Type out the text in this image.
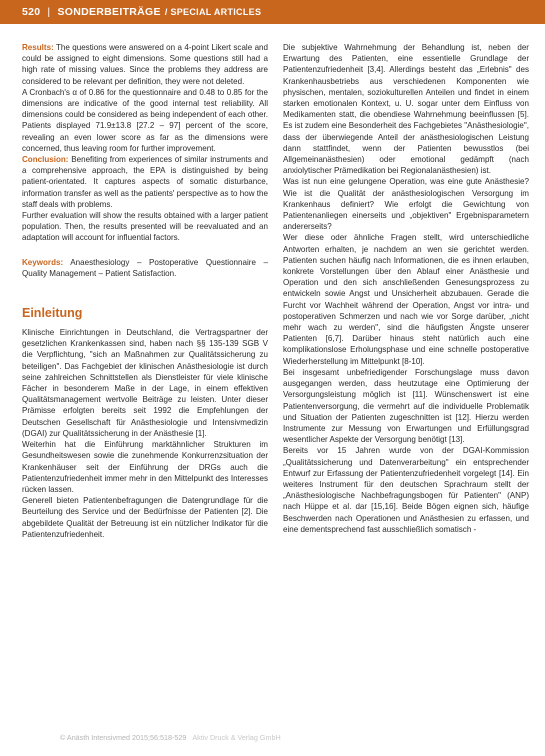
520 | SONDERBEITRÄGE / SPECIAL ARTICLES

Results: The questions were answered on a 4-point Likert scale and could be assigned to eight dimensions. Some questions still had a high rate of missing values. Since the problems they address are considered to be relevant per definition, they were not deleted.

A Cronbach's α of 0.86 for the questionnaire and 0.48 to 0.85 for the dimensions are indicative of the good internal test reliability. All dimensions could be considered as being independent of each other. Patients displayed 71.9±13.8 [27.2 – 97] percent of the score, revealing an even lower score as far as the dimensions were concerned, thus leaving room for further improvement.

Conclusion: Benefiting from experiences of similar instruments and a comprehensive approach, the EPA is distinguished by being patient-orientated. It captures aspects of somatic disturbance, information transfer as well as the patients' perspective as to how the staff deals with problems.

Further evaluation will show the results obtained with a larger patient population. Then, the results presented will be reevaluated and an adaptation will account for influential factors.

Keywords: Anaesthesiology – Postoperative Questionnaire – Quality Management – Patient Satisfaction.

Einleitung

Klinische Einrichtungen in Deutschland, die Vertragspartner der gesetzlichen Krankenkassen sind, haben nach §§ 135-139 SGB V die Verpflichtung, "sich an Maßnahmen zur Qualitätssicherung zu beteiligen". Das Fachgebiet der klinischen Anästhesiologie ist durch seine zahlreichen Schnittstellen als Dienstleister für viele klinische Fächer in besonderem Maße in der Lage, in einem effektiven Qualitätsmanagement wertvolle Beiträge zu leisten. Unter dieser Prämisse erfolgten bereits seit 1992 die Empfehlungen der Deutschen Gesellschaft für Anästhesiologie und Intensivmedizin (DGAI) zur Qualitätssicherung in der Anästhesie [1].

Weiterhin hat die Einführung marktähnlicher Strukturen im Gesundheitswesen sowie die zunehmende Konkurrenzsituation der Krankenhäuser seit der Einführung der DRGs auch die Patientenzufriedenheit immer mehr in den Mittelpunkt des Interesses rücken lassen.

Generell bieten Patientenbefragungen die Datengrundlage für die Beurteilung des Service und der Bedürfnisse der Patienten [2]. Die abgebildete Qualität der Betreuung ist ein nützlicher Indikator für die Patientenzufriedenheit.

Die subjektive Wahrnehmung der Behandlung ist, neben der Erwartung des Patienten, eine essentielle Grundlage der Patientenzufriedenheit [3,4]. Allerdings besteht das „Erlebnis" des Krankenhausbetriebs aus verschiedenen Komponenten wie physischen, mentalen, soziokulturellen Anteilen und findet in einem starken emotionalen Kontext, u. U. sogar unter dem Einfluss von Medikamenten statt, die obendiese Wahrnehmung beeinflussen [5]. Es ist zudem eine Besonderheit des Fachgebietes "Anästhesiologie", dass der überwiegende Anteil der anästhesiologischen Leistung dann stattfindet, wenn der Patienten bewusstlos (bei Allgemeinanästhesien) oder emotional gedämpft (nach anxiolytischer Prämedikation bei Regionalanästhesien) ist.

Was ist nun eine gelungene Operation, was eine gute Anästhesie? Wie ist die Qualität der anästhesiologischen Versorgung im Krankenhaus definiert? Wie erfolgt die Gewichtung von Patientenanliegen einerseits und „objektiven" Ergebnisparametern andererseits?

Wer diese oder ähnliche Fragen stellt, wird unterschiedliche Antworten erhalten, je nachdem an wen sie gerichtet werden. Patienten suchen häufig nach Informationen, die es ihnen erlauben, konkrete Vorstellungen über den Ablauf einer Anästhesie und Operation und den sich anschließenden Genesungsprozess zu entwickeln sowie Angst und Unsicherheit abzubauen. Gerade die Furcht vor Wachheit während der Operation, Angst vor intra- und postoperativen Schmerzen und nach wie vor Sorge darüber, „nicht mehr wach zu werden", sind die häufigsten Ängste unserer Patienten [6,7]. Darüber hinaus steht natürlich auch eine komplikationslose Erholungsphase und eine schnelle postoperative Wiederherstellung im Mittelpunkt [8-10].

Bei insgesamt unbefriedigender Forschungslage muss davon ausgegangen werden, dass heutzutage eine Optimierung der Versorgungsleistung möglich ist [11]. Wünschenswert ist eine Patientenversorgung, die vermehrt auf die individuelle Problematik und Situation der Patienten zugeschnitten ist [12]. Hierzu werden Instrumente zur Messung von Erwartungen und Erfüllungsgrad wesentlicher Aspekte der Versorgung benötigt [13].

Bereits vor 15 Jahren wurde von der DGAI-Kommission „Qualitätssicherung und Datenverarbeitung" ein entsprechender Entwurf zur Erfassung der Patientenzufriedenheit vorgelegt [14]. Ein weiteres Instrument für den deutschen Sprachraum stellt der „Anästhesiologische Nachbefragungsbogen für Patienten" (ANP) nach Hüppe et al. dar [15,16]. Beide Bögen eignen sich, häufige Beschwerden nach Operationen und Anästhesien zu erfassen, und eine dementsprechend fast ausschließlich somatisch -

© Anästh Intensivmed 2015;56:518-529 Aktiv Druck & Verlag GmbH
